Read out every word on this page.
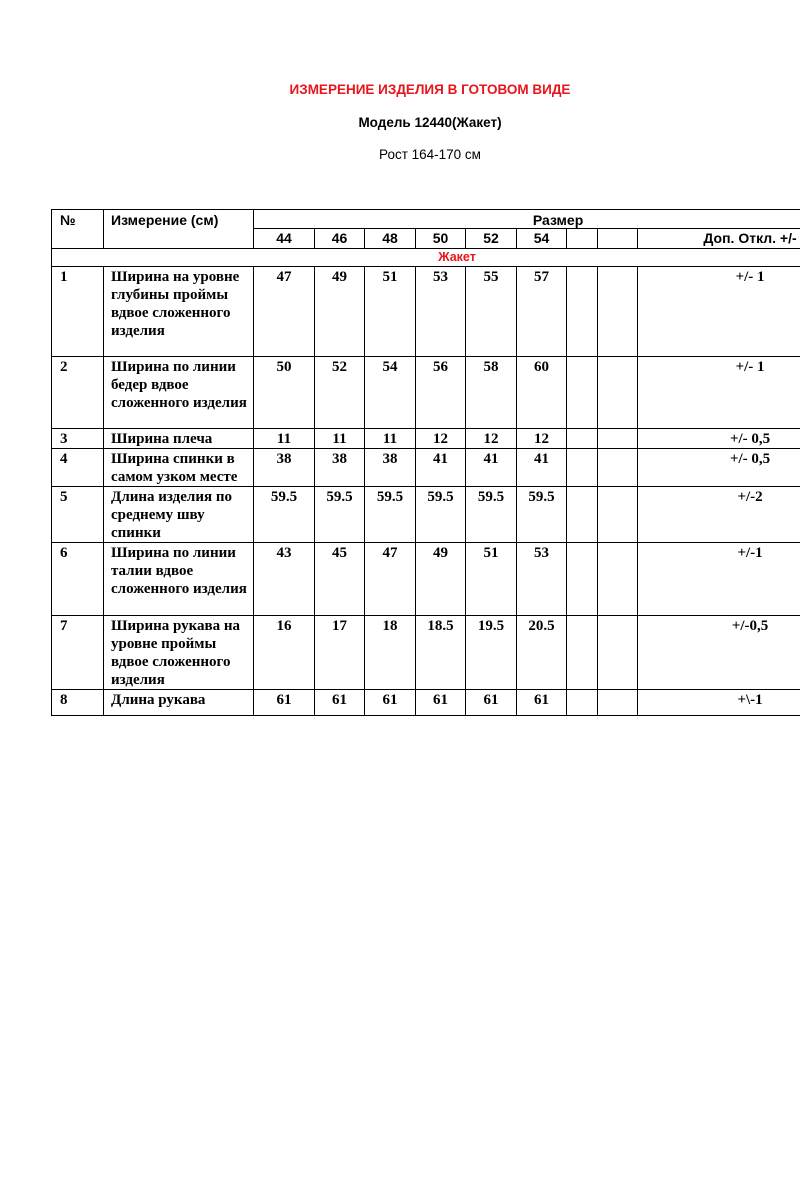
ИЗМЕРЕНИЕ ИЗДЕЛИЯ В ГОТОВОМ ВИДЕ
Модель 12440(Жакет)
Рост 164-170 см
№	Измерение (см)	Размер								
		44	46	48	50	52	54			Доп. Откл. +/-
Жакет										
1	Ширина на уровне глубины проймы вдвое сложенного изделия	47	49	51	53	55	57			+/- 1
2	Ширина по линии бедер вдвое сложенного изделия	50	52	54	56	58	60			+/- 1
3	Ширина плеча	11	11	11	12	12	12			+/- 0,5
4	Ширина спинки в самом узком месте	38	38	38	41	41	41			+/- 0,5
5	Длина изделия по среднему шву спинки	59.5	59.5	59.5	59.5	59.5	59.5			+/-2
6	Ширина по линии талии вдвое сложенного изделия	43	45	47	49	51	53			+/-1
7	Ширина рукава на уровне проймы вдвое сложенного изделия	16	17	18	18.5	19.5	20.5			+/-0,5
8	Длина рукава	61	61	61	61	61	61			+\-1
